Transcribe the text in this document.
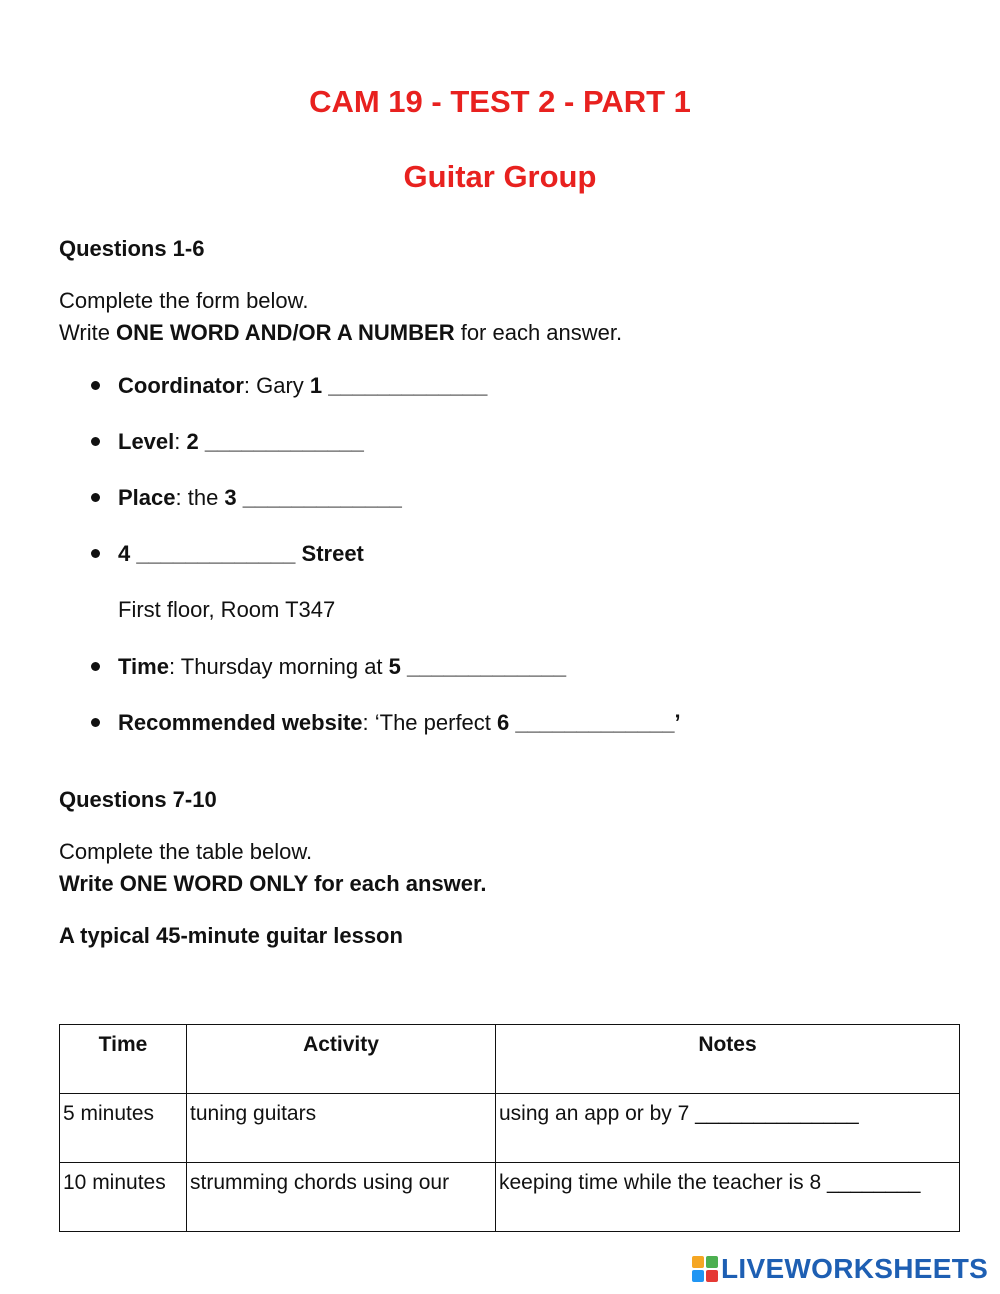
CAM 19 - TEST 2 - PART 1
Guitar Group
Questions 1-6
Complete the form below.
Write ONE WORD AND/OR A NUMBER for each answer.
Coordinator: Gary 1 _____________
Level: 2 _____________
Place: the 3 _____________
4 _____________ Street
First floor, Room T347
Time: Thursday morning at 5 _____________
Recommended website: ‘The perfect 6 _____________’
Questions 7-10
Complete the table below.
Write ONE WORD ONLY for each answer.
A typical 45-minute guitar lesson
Time	Activity	Notes
5 minutes	tuning guitars	using an app or by 7 ______________
10 minutes	strumming chords using our	keeping time while the teacher is 8 ________
LIVEWORKSHEETS
